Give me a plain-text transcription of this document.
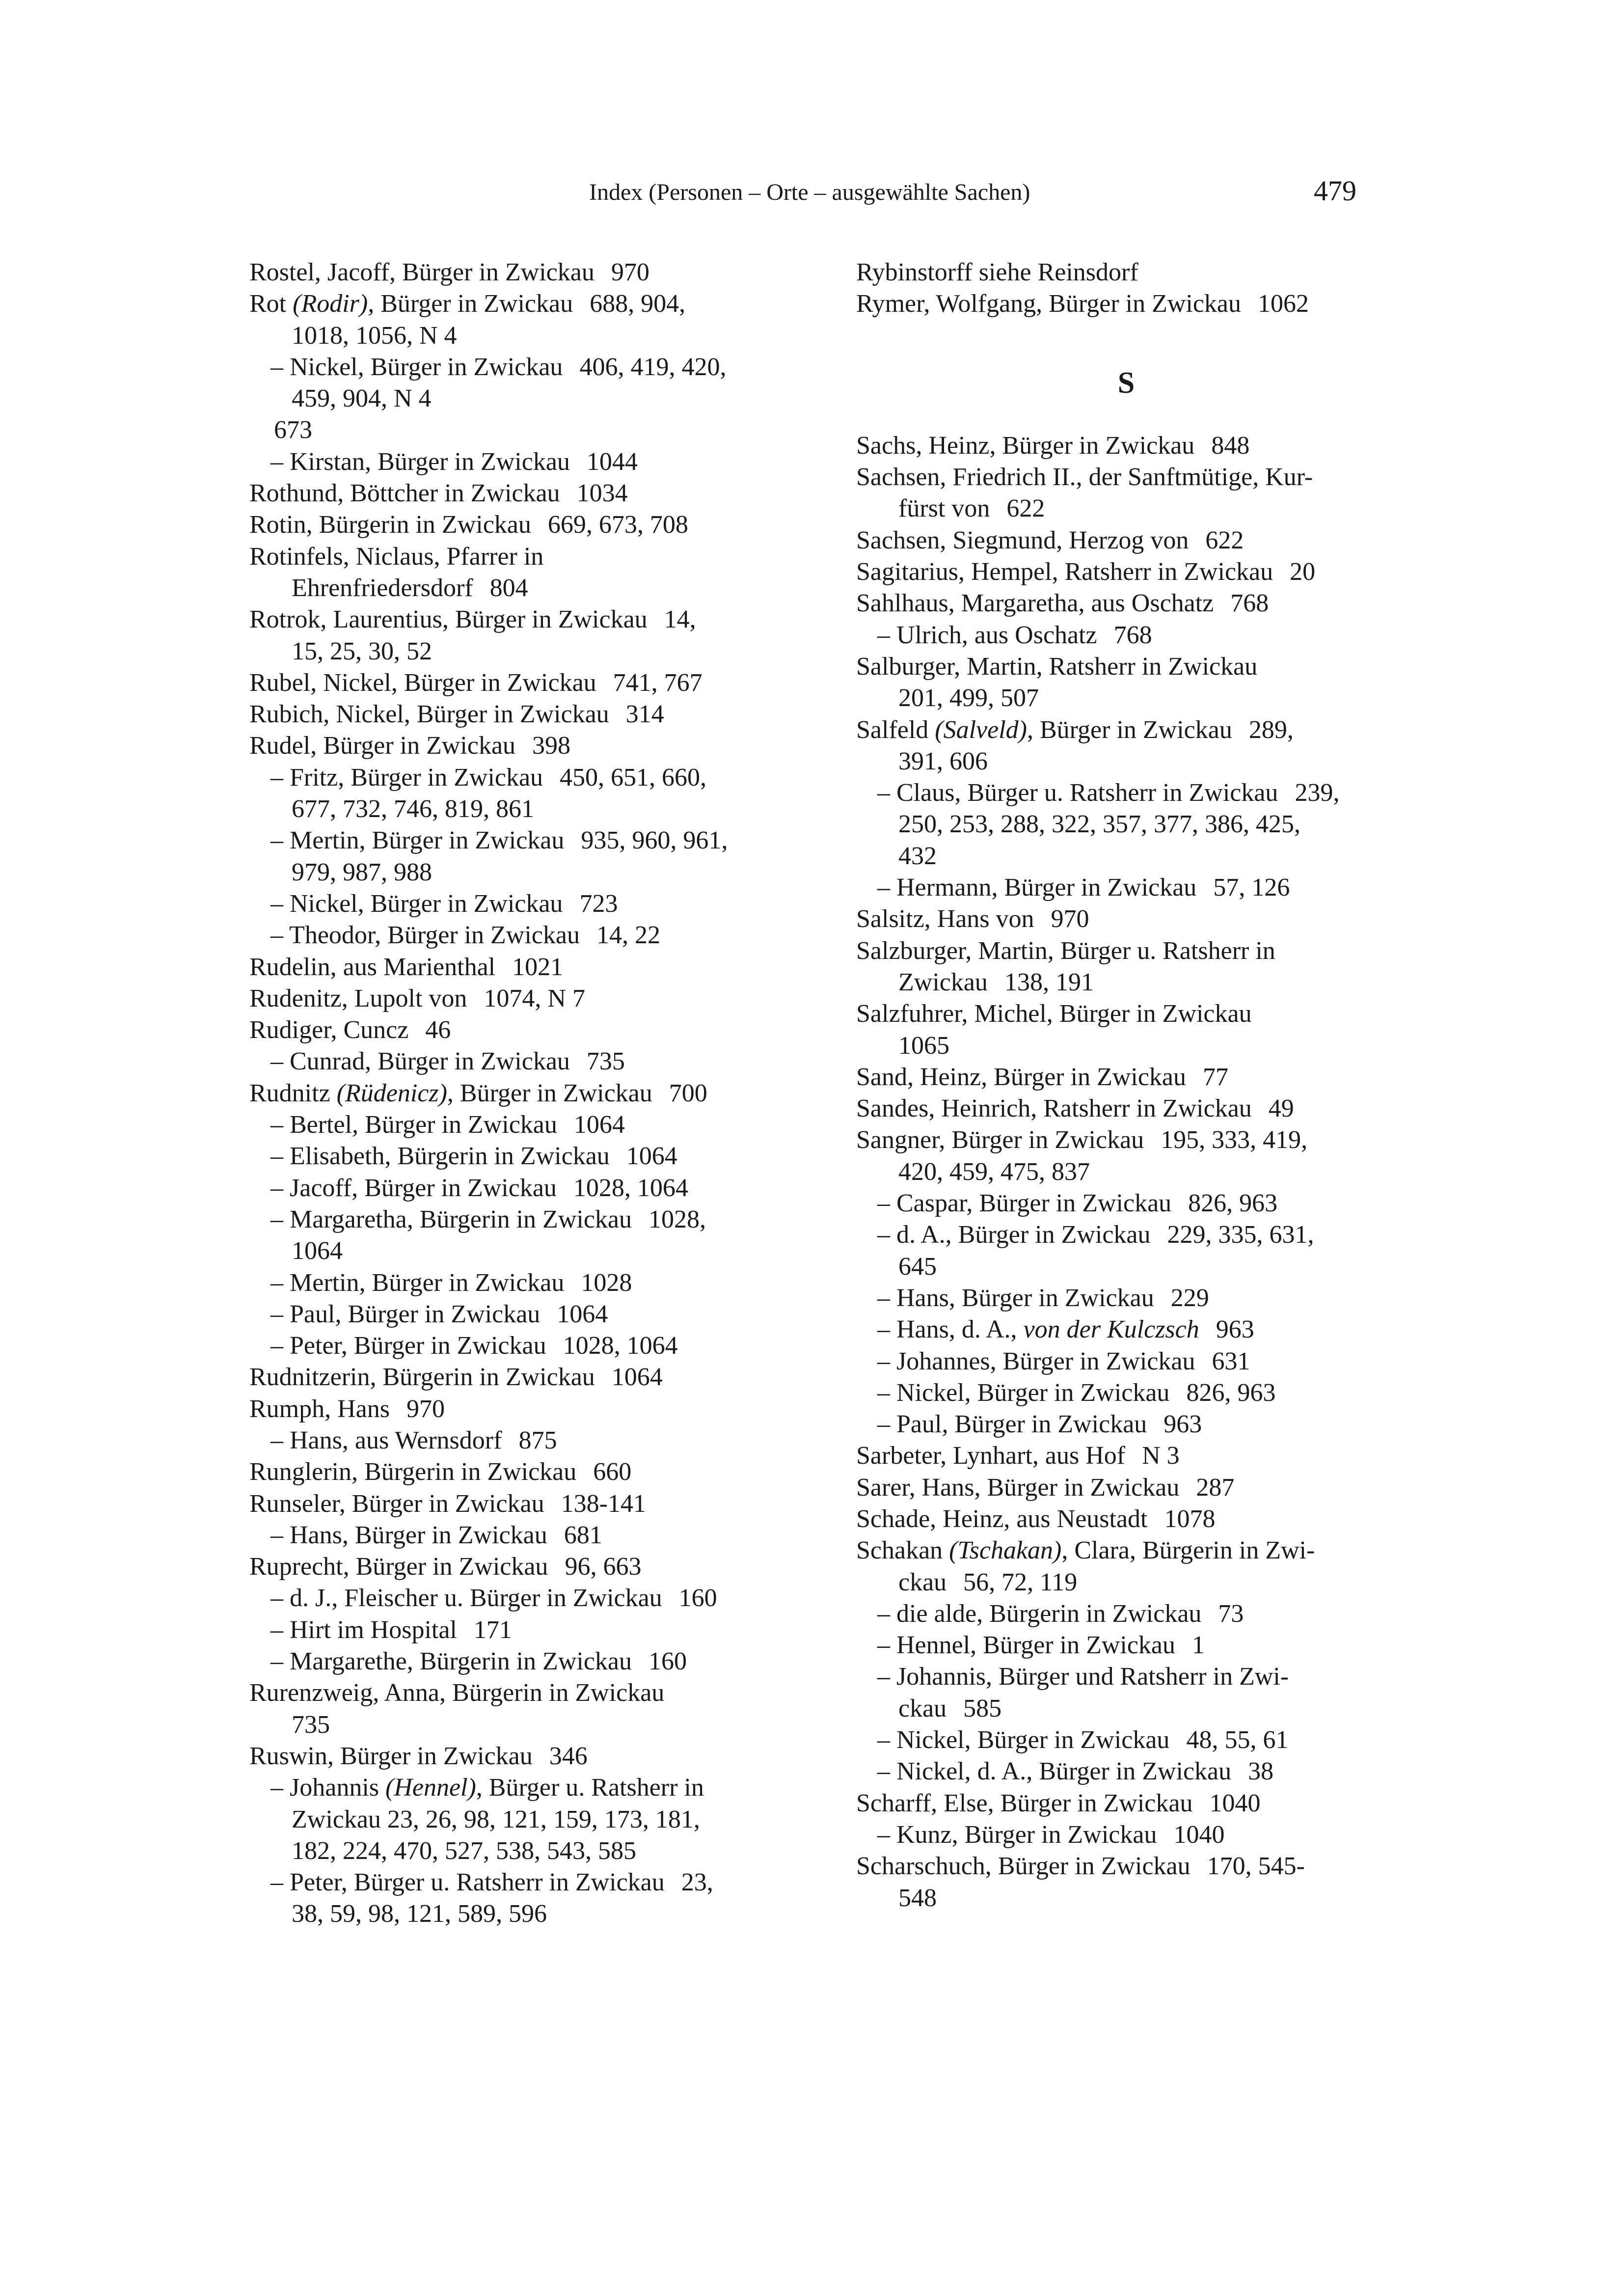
Index (Personen – Orte – ausgewählte Sachen)	479

Rostel, Jacoff, Bürger in Zwickau 970

Rot (Rodir), Bürger in Zwickau 688, 904,
1018, 1056, N 4

– Nickel, Bürger in Zwickau 406, 419, 420,
459, 904, N 4

673

– Kirstan, Bürger in Zwickau 1044

Rothund, Böttcher in Zwickau 1034

Rotin, Bürgerin in Zwickau 669, 673, 708

Rotinfels, Niclaus, Pfarrer in
Ehrenfriedersdorf 804

Rotrok, Laurentius, Bürger in Zwickau 14,
15, 25, 30, 52

Rubel, Nickel, Bürger in Zwickau 741, 767

Rubich, Nickel, Bürger in Zwickau 314

Rudel, Bürger in Zwickau 398

– Fritz, Bürger in Zwickau 450, 651, 660,
677, 732, 746, 819, 861

– Mertin, Bürger in Zwickau 935, 960, 961,
979, 987, 988

– Nickel, Bürger in Zwickau 723

– Theodor, Bürger in Zwickau 14, 22

Rudelin, aus Marienthal 1021

Rudenitz, Lupolt von 1074, N 7

Rudiger, Cuncz 46

– Cunrad, Bürger in Zwickau 735

Rudnitz (Rüdenicz), Bürger in Zwickau 700

– Bertel, Bürger in Zwickau 1064

– Elisabeth, Bürgerin in Zwickau 1064

– Jacoff, Bürger in Zwickau 1028, 1064

– Margaretha, Bürgerin in Zwickau 1028,
1064

– Mertin, Bürger in Zwickau 1028

– Paul, Bürger in Zwickau 1064

– Peter, Bürger in Zwickau 1028, 1064

Rudnitzerin, Bürgerin in Zwickau 1064

Rumph, Hans 970

– Hans, aus Wernsdorf 875

Runglerin, Bürgerin in Zwickau 660

Runseler, Bürger in Zwickau 138-141

– Hans, Bürger in Zwickau 681

Ruprecht, Bürger in Zwickau 96, 663

– d. J., Fleischer u. Bürger in Zwickau 160

– Hirt im Hospital 171

– Margarethe, Bürgerin in Zwickau 160

Rurenzweig, Anna, Bürgerin in Zwickau
735

Ruswin, Bürger in Zwickau 346

– Johannis (Hennel), Bürger u. Ratsherr in
Zwickau 23, 26, 98, 121, 159, 173, 181,
182, 224, 470, 527, 538, 543, 585

– Peter, Bürger u. Ratsherr in Zwickau 23,
38, 59, 98, 121, 589, 596

Rybinstorff siehe Reinsdorf

Rymer, Wolfgang, Bürger in Zwickau 1062

S

Sachs, Heinz, Bürger in Zwickau 848

Sachsen, Friedrich II., der Sanftmütige, Kur-
fürst von 622

Sachsen, Siegmund, Herzog von 622

Sagitarius, Hempel, Ratsherr in Zwickau 20

Sahlhaus, Margaretha, aus Oschatz 768

– Ulrich, aus Oschatz 768

Salburger, Martin, Ratsherr in Zwickau
201, 499, 507

Salfeld (Salveld), Bürger in Zwickau 289,
391, 606

– Claus, Bürger u. Ratsherr in Zwickau 239,
250, 253, 288, 322, 357, 377, 386, 425,
432

– Hermann, Bürger in Zwickau 57, 126

Salsitz, Hans von 970

Salzburger, Martin, Bürger u. Ratsherr in
Zwickau 138, 191

Salzfuhrer, Michel, Bürger in Zwickau
1065

Sand, Heinz, Bürger in Zwickau 77

Sandes, Heinrich, Ratsherr in Zwickau 49

Sangner, Bürger in Zwickau 195, 333, 419,
420, 459, 475, 837

– Caspar, Bürger in Zwickau 826, 963

– d. A., Bürger in Zwickau 229, 335, 631,
645

– Hans, Bürger in Zwickau 229

– Hans, d. A., von der Kulczsch 963

– Johannes, Bürger in Zwickau 631

– Nickel, Bürger in Zwickau 826, 963

– Paul, Bürger in Zwickau 963

Sarbeter, Lynhart, aus Hof N 3

Sarer, Hans, Bürger in Zwickau 287

Schade, Heinz, aus Neustadt 1078

Schakan (Tschakan), Clara, Bürgerin in Zwi-
ckau 56, 72, 119

– die alde, Bürgerin in Zwickau 73

– Hennel, Bürger in Zwickau 1

– Johannis, Bürger und Ratsherr in Zwi-
ckau 585

– Nickel, Bürger in Zwickau 48, 55, 61

– Nickel, d. A., Bürger in Zwickau 38

Scharff, Else, Bürger in Zwickau 1040

– Kunz, Bürger in Zwickau 1040

Scharschuch, Bürger in Zwickau 170, 545-
548
